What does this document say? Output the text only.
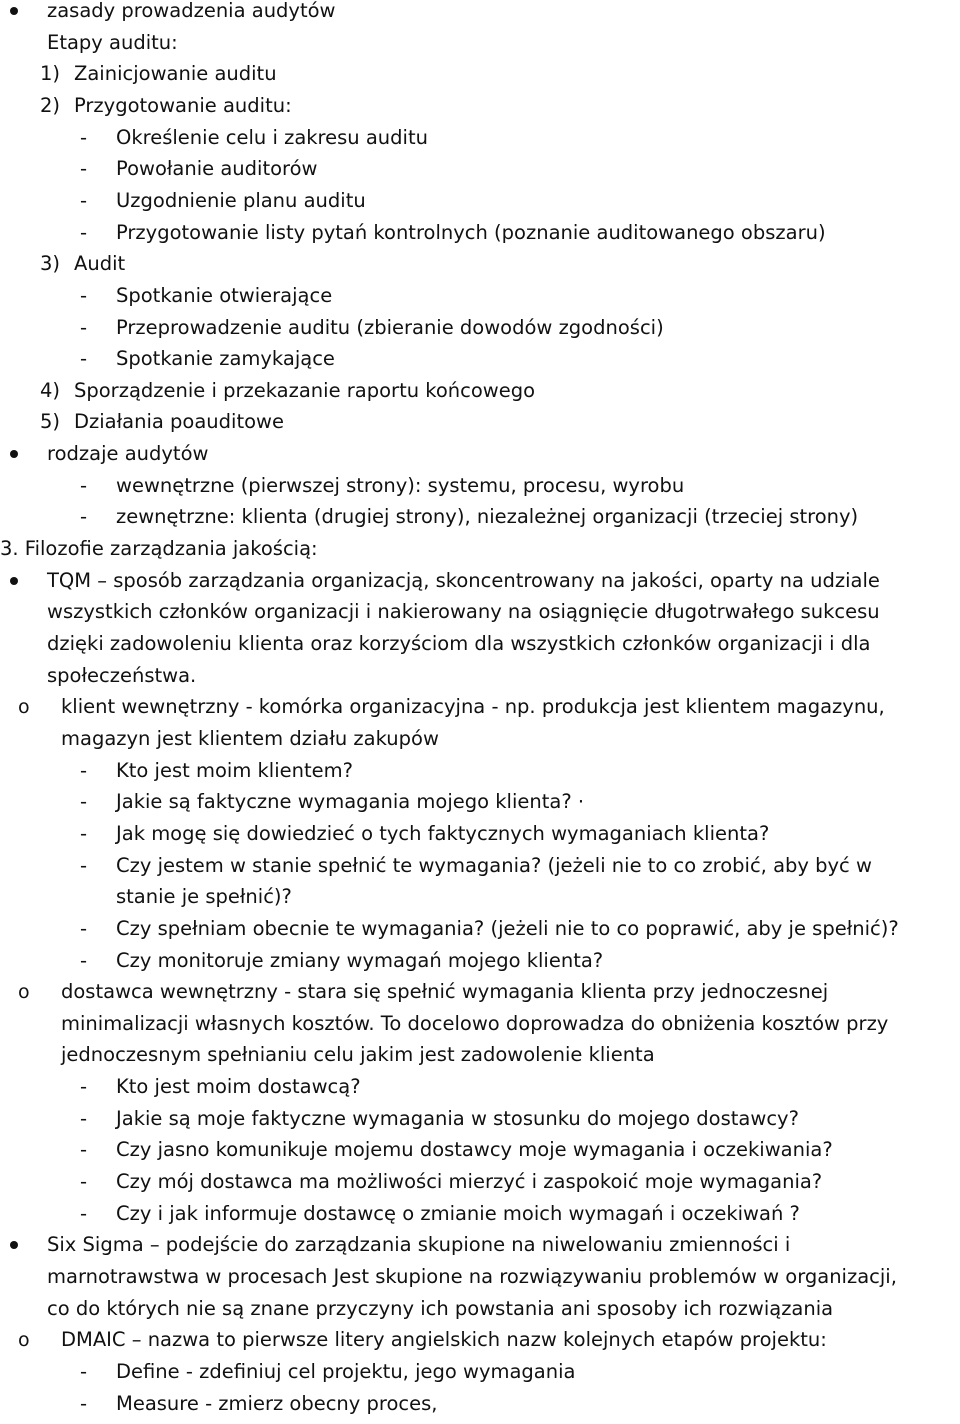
zasady prowadzenia audytów
Etapy auditu:
1) Zainicjowanie auditu
2) Przygotowanie auditu:
- Określenie celu i zakresu auditu
- Powołanie auditorów
- Uzgodnienie planu auditu
- Przygotowanie listy pytań kontrolnych (poznanie auditowanego obszaru)
3) Audit
- Spotkanie otwierające
- Przeprowadzenie auditu (zbieranie dowodów zgodności)
- Spotkanie zamykające
4) Sporządzenie i przekazanie raportu końcowego
5) Działania poauditowe
rodzaje audytów
- wewnętrzne (pierwszej strony): systemu, procesu, wyrobu
- zewnętrzne: klienta (drugiej strony), niezależnej organizacji (trzeciej strony)
3. Filozofie zarządzania jakością:
TQM – sposób zarządzania organizacją, skoncentrowany na jakości, oparty na udziale
wszystkich członków organizacji i nakierowany na osiągnięcie długotrwałego sukcesu
dzięki zadowoleniu klienta oraz korzyściom dla wszystkich członków organizacji i dla
społeczeństwa.
o klient wewnętrzny - komórka organizacyjna - np. produkcja jest klientem magazynu,
magazyn jest klientem działu zakupów
- Kto jest moim klientem?
- Jakie są faktyczne wymagania mojego klienta? ·
- Jak mogę się dowiedzieć o tych faktycznych wymaganiach klienta?
- Czy jestem w stanie spełnić te wymagania? (jeżeli nie to co zrobić, aby być w
stanie je spełnić)?
- Czy spełniam obecnie te wymagania? (jeżeli nie to co poprawić, aby je spełnić)?
- Czy monitoruje zmiany wymagań mojego klienta?
o dostawca wewnętrzny - stara się spełnić wymagania klienta przy jednoczesnej
minimalizacji własnych kosztów. To docelowo doprowadza do obniżenia kosztów przy
jednoczesnym spełnianiu celu jakim jest zadowolenie klienta
- Kto jest moim dostawcą?
- Jakie są moje faktyczne wymagania w stosunku do mojego dostawcy?
- Czy jasno komunikuje mojemu dostawcy moje wymagania i oczekiwania?
- Czy mój dostawca ma możliwości mierzyć i zaspokoić moje wymagania?
- Czy i jak informuje dostawcę o zmianie moich wymagań i oczekiwań ?
Six Sigma – podejście do zarządzania skupione na niwelowaniu zmienności i
marnotrawstwa w procesach Jest skupione na rozwiązywaniu problemów w organizacji,
co do których nie są znane przyczyny ich powstania ani sposoby ich rozwiązania
o DMAIC – nazwa to pierwsze litery angielskich nazw kolejnych etapów projektu:
- Define - zdefiniuj cel projektu, jego wymagania
- Measure - zmierz obecny proces,
